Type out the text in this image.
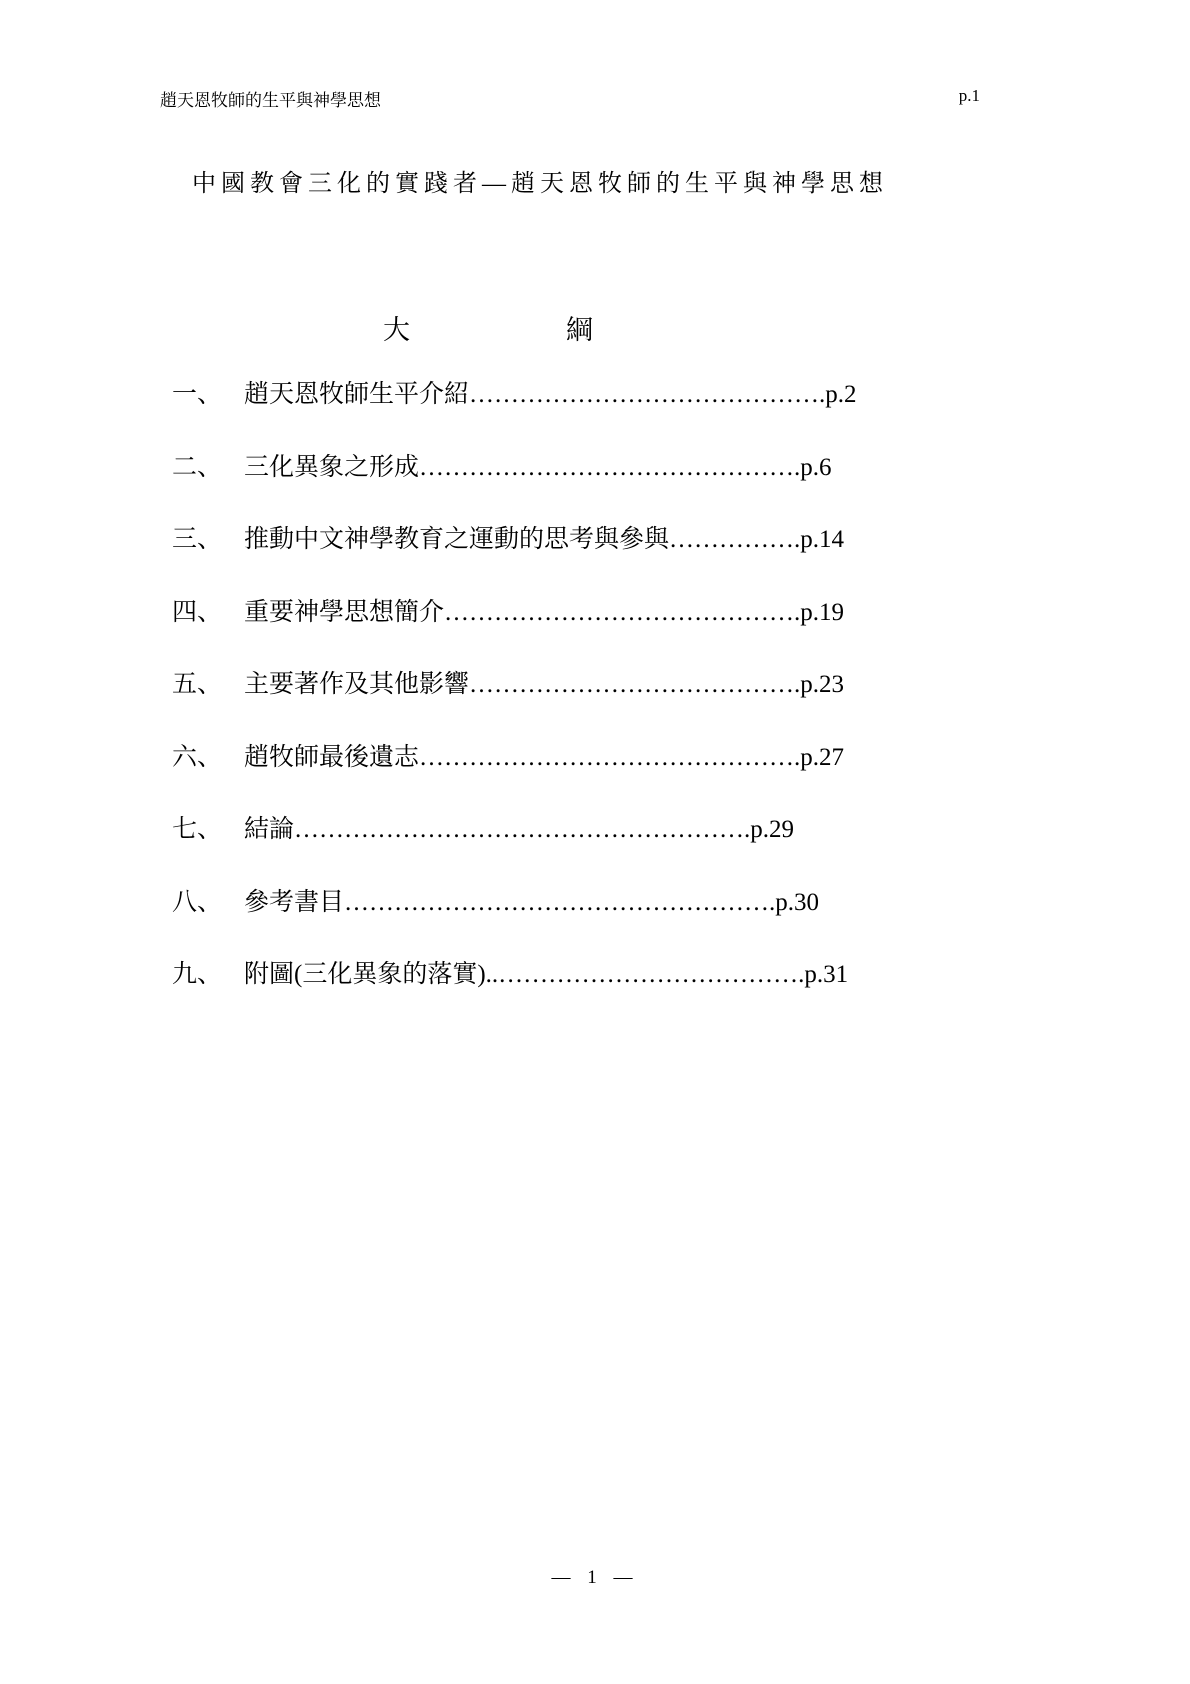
趙天恩牧師的生平與神學思想	p.1
中國教會三化的實踐者—趙天恩牧師的生平與神學思想
大	綱
一、 趙天恩牧師生平介紹 …………………………………… .p.2
二、 三化異象之形成 ……………………………………… .p.6
三、 推動中文神學教育之運動的思考與參與 …………… .p.14
四、 重要神學思想簡介 …………………………………… .p.19
五、 主要著作及其他影響 ………………………………… .p.23
六、 趙牧師最後遺志 ……………………………………… .p.27
七、 結論 ……………………………………………… .p.29
八、 參考書目 …………………………………………… .p.30
九、 附圖(三化異象的落實) ..……………………………… .p.31
— 1 —
